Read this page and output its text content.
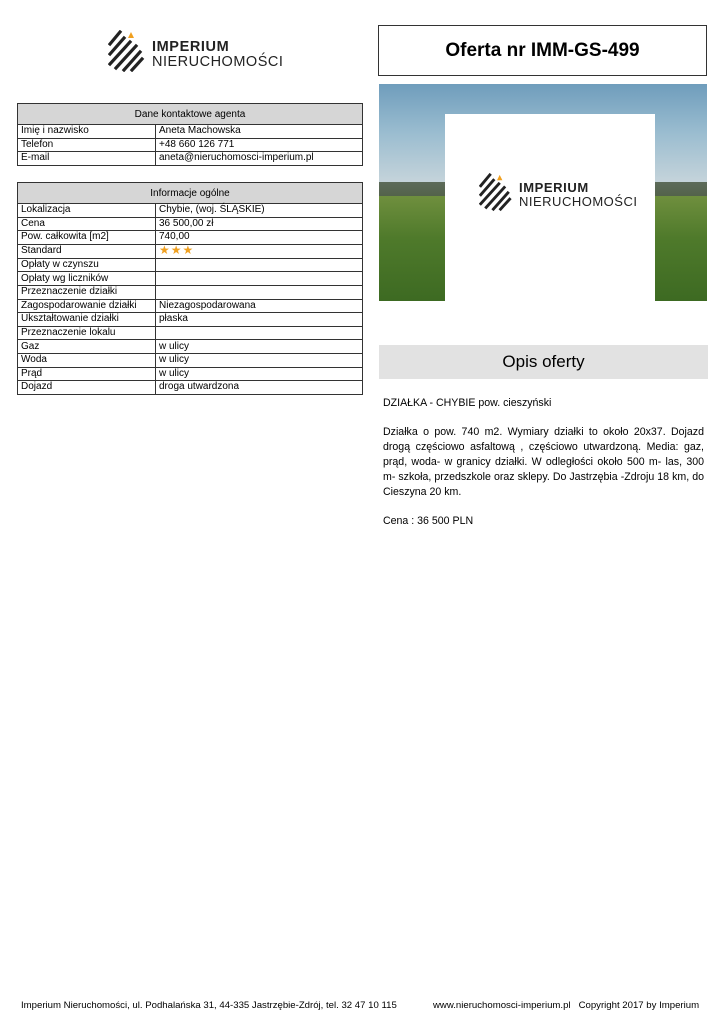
IMPERIUM
NIERUCHOMOŚCI
Oferta nr IMM-GS-499
Dane kontaktowe agenta	
Imię i nazwisko	Aneta Machowska
Telefon	+48 660 126 771
E-mail	aneta@nieruchomosci-imperium.pl
Informacje ogólne	
Lokalizacja	Chybie, (woj. ŚLĄSKIE)
Cena	36 500,00 zł
Pow. całkowita [m2]	740,00
Standard	★★★
Opłaty w czynszu	
Opłaty wg liczników	
Przeznaczenie działki	
Zagospodarowanie działki	Niezagospodarowana
Ukształtowanie działki	płaska
Przeznaczenie lokalu	
Gaz	w ulicy
Woda	w ulicy
Prąd	w ulicy
Dojazd	droga utwardzona
IMPERIUM
NIERUCHOMOŚCI
Opis oferty

DZIAŁKA - CHYBIE pow. cieszyński

Działka o pow. 740 m2. Wymiary działki to około 20x37. Dojazd drogą częściowo asfaltową , częściowo utwardzoną. Media: gaz, prąd, woda- w granicy działki. W odległości około 500 m- las, 300 m- szkoła, przedszkole oraz sklepy. Do Jastrzębia -Zdroju 18 km, do Cieszyna 20 km.

Cena : 36 500 PLN

Imperium Nieruchomości, ul. Podhalańska 31, 44-335 Jastrzębie-Zdrój, tel. 32 47 10 115	www.nieruchomosci-imperium.pl Copyright 2017 by Imperium
